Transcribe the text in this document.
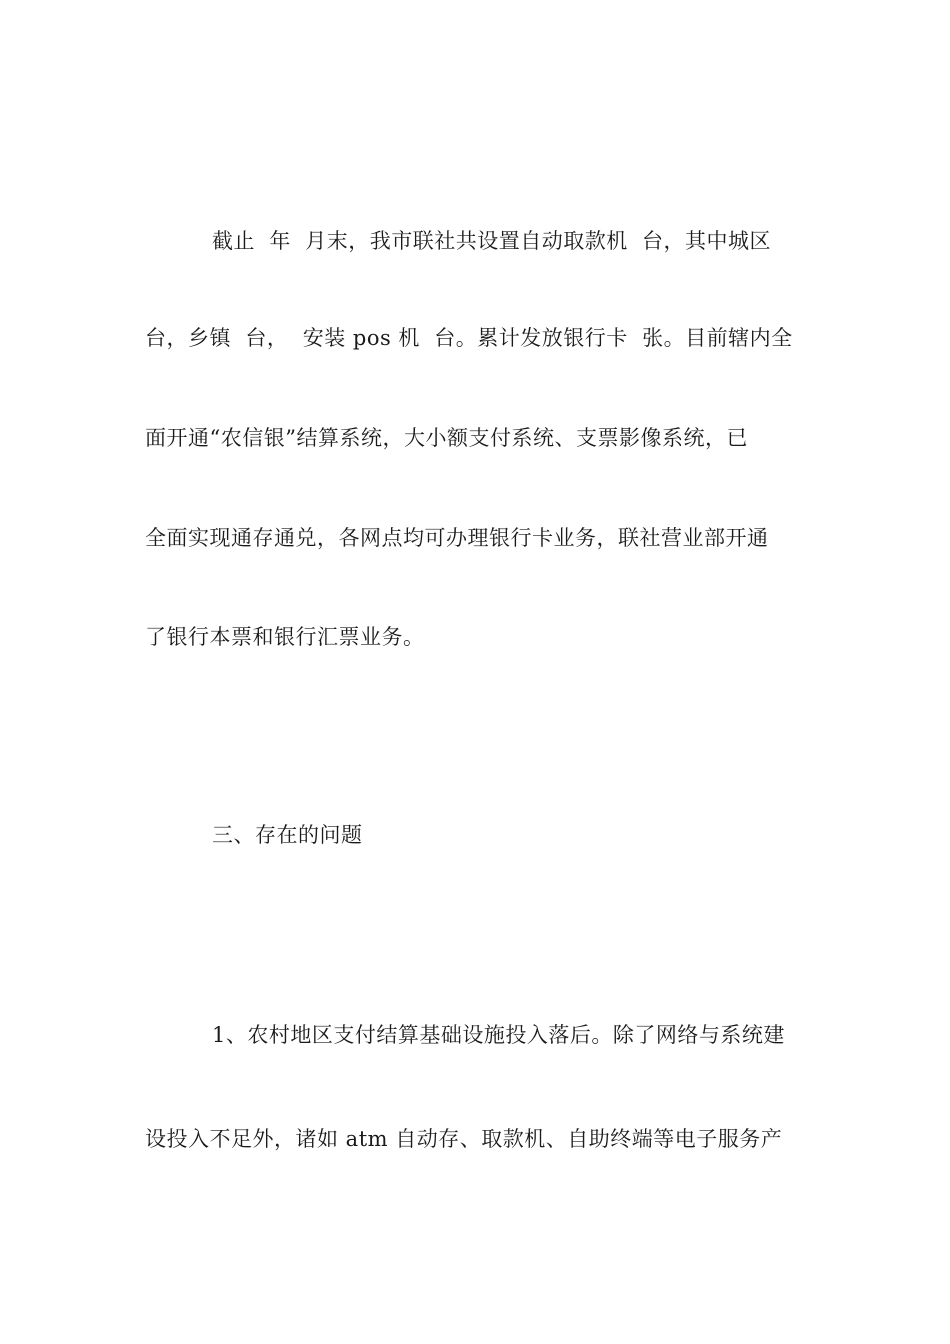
截止  年  月末，我市联社共设置自动取款机  台，其中城区
台，乡镇  台，  安装 pos 机  台。累计发放银行卡  张。目前辖内全
面开通“农信银”结算系统，大小额支付系统、支票影像系统，已
全面实现通存通兑，各网点均可办理银行卡业务，联社营业部开通
了银行本票和银行汇票业务。
三、存在的问题
1、农村地区支付结算基础设施投入落后。除了网络与系统建
设投入不足外，诸如 atm 自动存、取款机、自助终端等电子服务产
